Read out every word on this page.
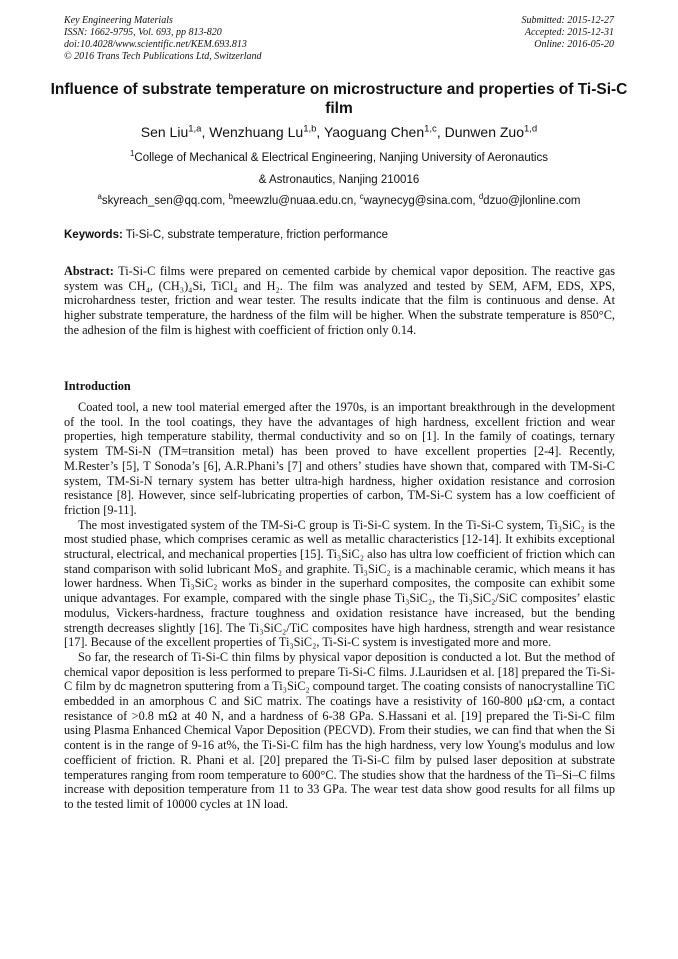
Key Engineering Materials
ISSN: 1662-9795, Vol. 693, pp 813-820
doi:10.4028/www.scientific.net/KEM.693.813
© 2016 Trans Tech Publications Ltd, Switzerland
Submitted: 2015-12-27
Accepted: 2015-12-31
Online: 2016-05-20
Influence of substrate temperature on microstructure and properties of Ti-Si-C film
Sen Liu$^{1,a}$, Wenzhuang Lu$^{1,b}$, Yaoguang Chen$^{1,c}$, Dunwen Zuo$^{1,d}$
$^1$College of Mechanical & Electrical Engineering, Nanjing University of Aeronautics
& Astronautics, Nanjing 210016
$^a$skyreach_sen@qq.com, $^b$meewzlu@nuaa.edu.cn, $^c$waynecyg@sina.com, $^d$dzuo@jlonline.com
Keywords: Ti-Si-C, substrate temperature, friction performance
Abstract: Ti-Si-C films were prepared on cemented carbide by chemical vapor deposition. The reactive gas system was CH₄, (CH₃)₄Si, TiCl₄ and H₂. The film was analyzed and tested by SEM, AFM, EDS, XPS, microhardness tester, friction and wear tester. The results indicate that the film is continuous and dense. At higher substrate temperature, the hardness of the film will be higher. When the substrate temperature is 850°C, the adhesion of the film is highest with coefficient of friction only 0.14.
Introduction

Coated tool, a new tool material emerged after the 1970s, is an important breakthrough in the development of the tool. In the tool coatings, they have the advantages of high hardness, excellent friction and wear properties, high temperature stability, thermal conductivity and so on [1]. In the family of coatings, ternary system TM-Si-N (TM=transition metal) has been proved to have excellent properties [2-4]. Recently, M.Rester’s [5], T Sonoda’s [6], A.R.Phani’s [7] and others’ studies have shown that, compared with TM-Si-C system, TM-Si-N ternary system has better ultra-high hardness, higher oxidation resistance and corrosion resistance [8]. However, since self-lubricating properties of carbon, TM-Si-C system has a low coefficient of friction [9-11].

The most investigated system of the TM-Si-C group is Ti-Si-C system. In the Ti-Si-C system, Ti₃SiC₂ is the most studied phase, which comprises ceramic as well as metallic characteristics [12-14]. It exhibits exceptional structural, electrical, and mechanical properties [15]. Ti₃SiC₂ also has ultra low coefficient of friction which can stand comparison with solid lubricant MoS₂ and graphite. Ti₃SiC₂ is a machinable ceramic, which means it has lower hardness. When Ti₃SiC₂ works as binder in the superhard composites, the composite can exhibit some unique advantages. For example, compared with the single phase Ti₃SiC₂, the Ti₃SiC₂/SiC composites’ elastic modulus, Vickers-hardness, fracture toughness and oxidation resistance have increased, but the bending strength decreases slightly [16]. The Ti₃SiC₂/TiC composites have high hardness, strength and wear resistance [17]. Because of the excellent properties of Ti₃SiC₂, Ti-Si-C system is investigated more and more.

So far, the research of Ti-Si-C thin films by physical vapor deposition is conducted a lot. But the method of chemical vapor deposition is less performed to prepare Ti-Si-C films. J.Lauridsen et al. [18] prepared the Ti-Si-C film by dc magnetron sputtering from a Ti₃SiC₂ compound target. The coating consists of nanocrystalline TiC embedded in an amorphous C and SiC matrix. The coatings have a resistivity of 160-800 μΩ·cm, a contact resistance of >0.8 mΩ at 40 N, and a hardness of 6-38 GPa. S.Hassani et al. [19] prepared the Ti-Si-C film using Plasma Enhanced Chemical Vapor Deposition (PECVD). From their studies, we can find that when the Si content is in the range of 9-16 at%, the Ti-Si-C film has the high hardness, very low Young's modulus and low coefficient of friction. R. Phani et al. [20] prepared the Ti-Si-C film by pulsed laser deposition at substrate temperatures ranging from room temperature to 600°C. The studies show that the hardness of the Ti–Si–C films increase with deposition temperature from 11 to 33 GPa. The wear test data show good results for all films up to the tested limit of 10000 cycles at 1N load.
